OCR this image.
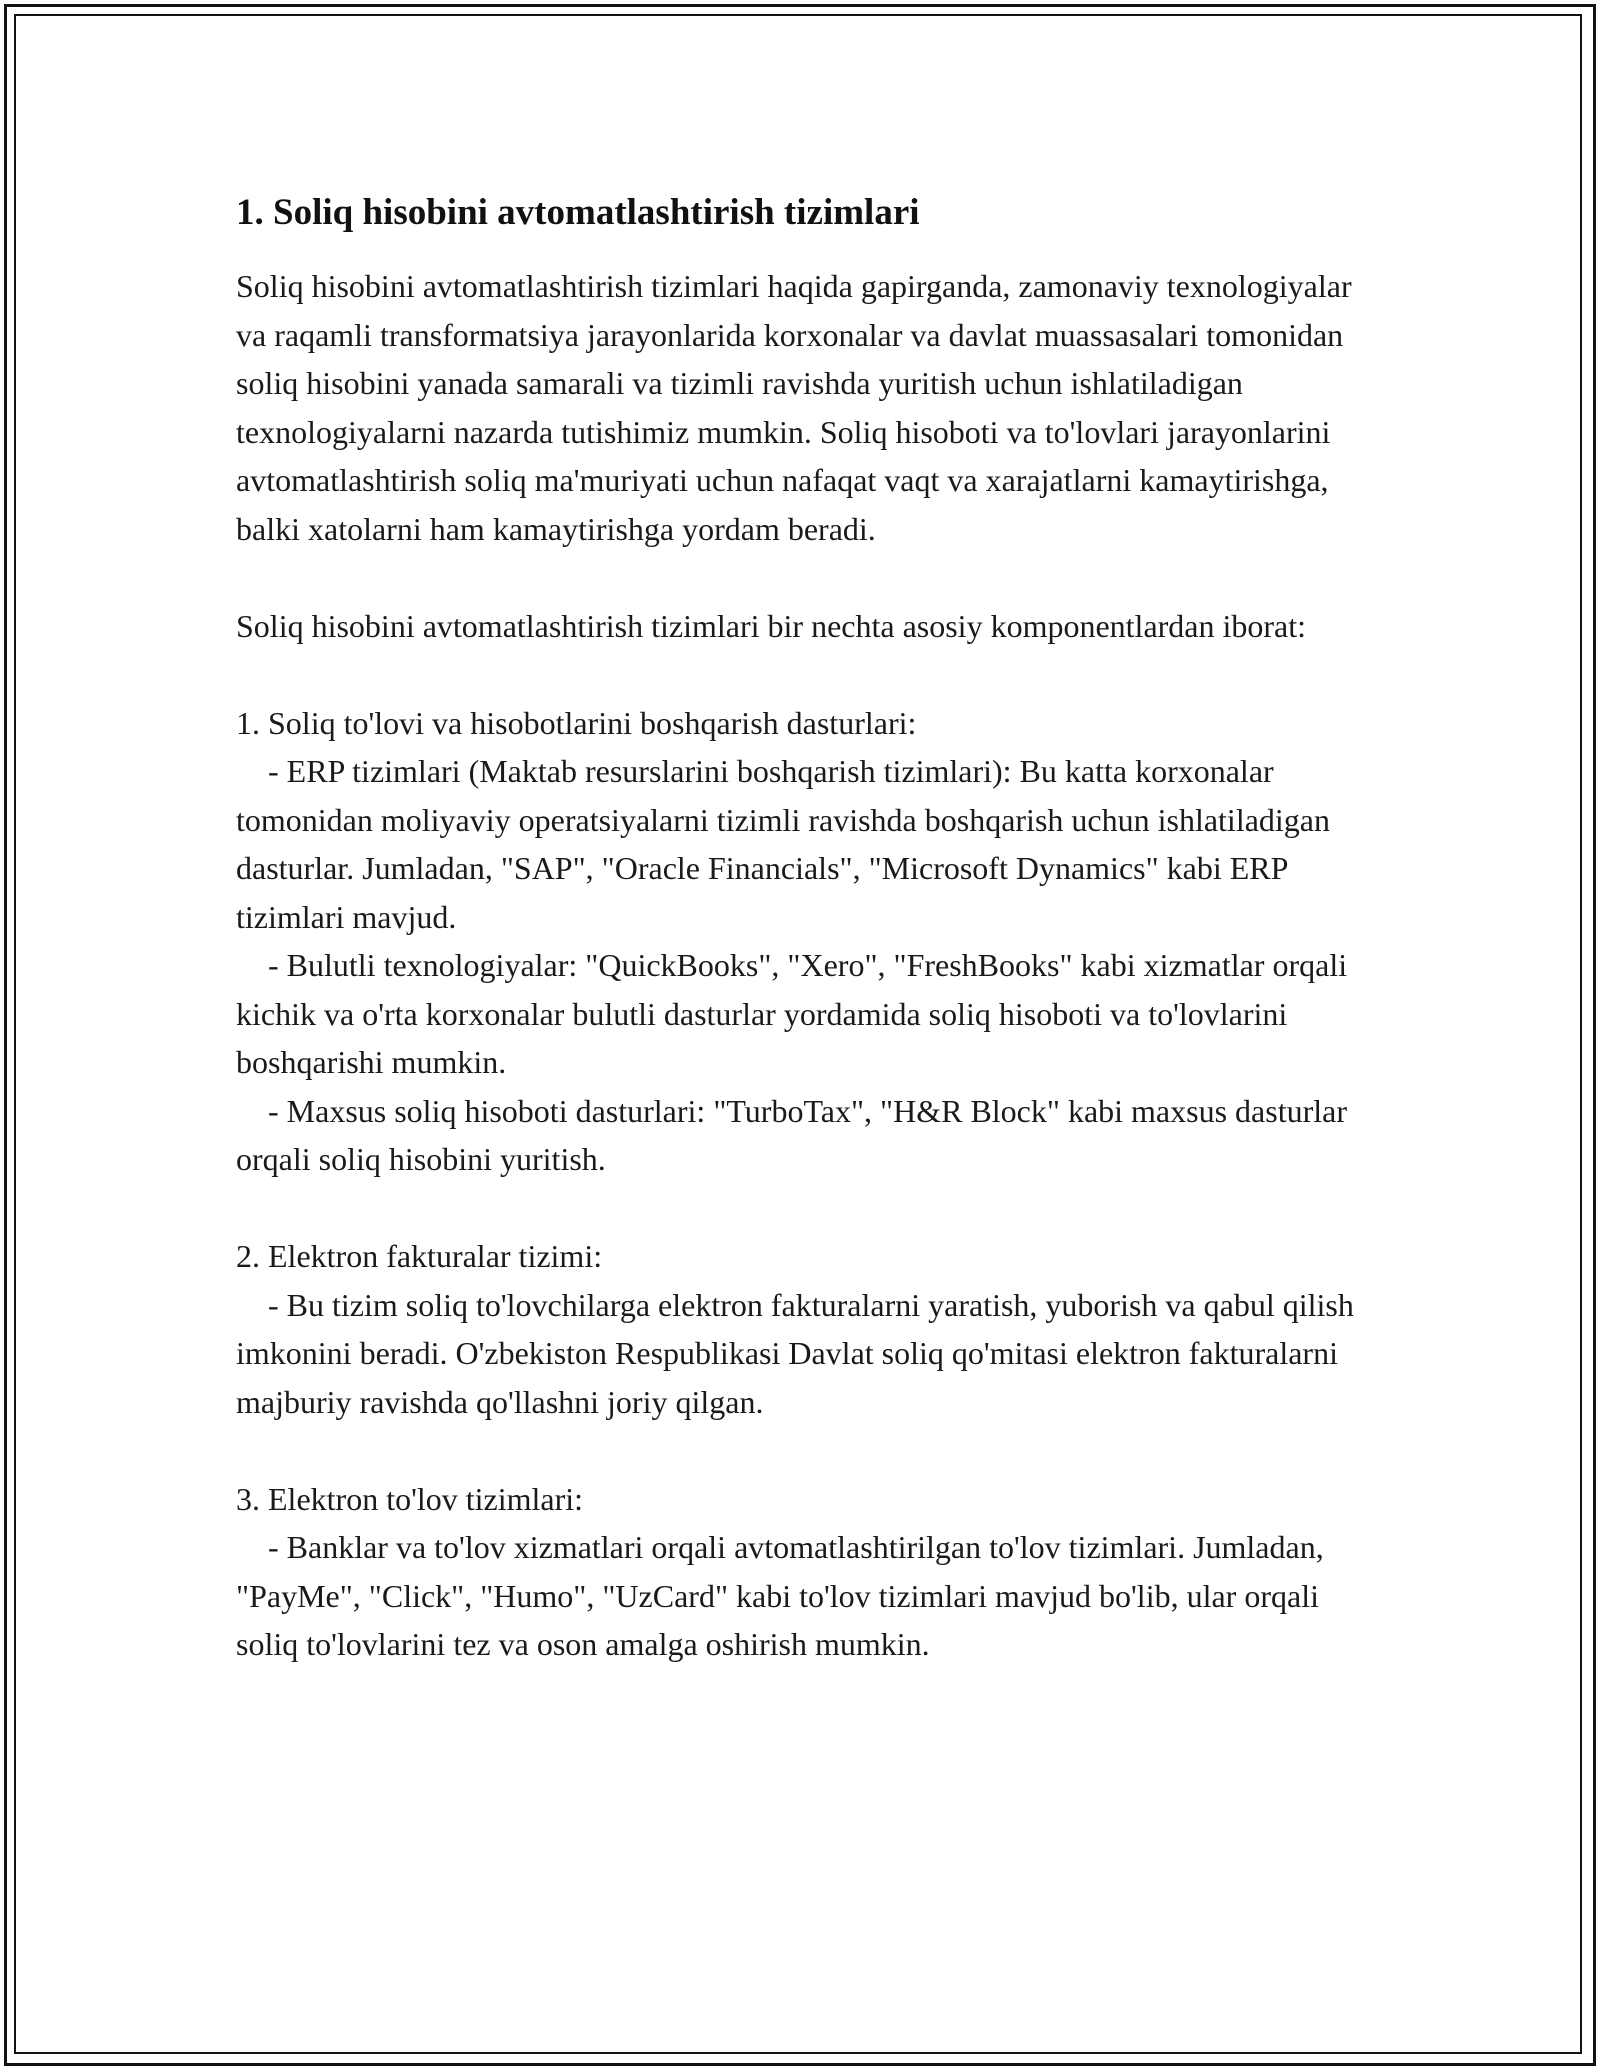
1. Soliq hisobini avtomatlashtirish tizimlari

Soliq hisobini avtomatlashtirish tizimlari haqida gapirganda, zamonaviy texnologiyalar va raqamli transformatsiya jarayonlarida korxonalar va davlat muassasalari tomonidan soliq hisobini yanada samarali va tizimli ravishda yuritish uchun ishlatiladigan texnologiyalarni nazarda tutishimiz mumkin. Soliq hisoboti va to'lovlari jarayonlarini avtomatlashtirish soliq ma'muriyati uchun nafaqat vaqt va xarajatlarni kamaytirishga, balki xatolarni ham kamaytirishga yordam beradi.

Soliq hisobini avtomatlashtirish tizimlari bir nechta asosiy komponentlardan iborat:

1. Soliq to'lovi va hisobotlarini boshqarish dasturlari:
- ERP tizimlari (Maktab resurslarini boshqarish tizimlari): Bu katta korxonalar tomonidan moliyaviy operatsiyalarni tizimli ravishda boshqarish uchun ishlatiladigan dasturlar. Jumladan, "SAP", "Oracle Financials", "Microsoft Dynamics" kabi ERP tizimlari mavjud.
- Bulutli texnologiyalar: "QuickBooks", "Xero", "FreshBooks" kabi xizmatlar orqali kichik va o'rta korxonalar bulutli dasturlar yordamida soliq hisoboti va to'lovlarini boshqarishi mumkin.
- Maxsus soliq hisoboti dasturlari: "TurboTax", "H&R Block" kabi maxsus dasturlar orqali soliq hisobini yuritish.

2. Elektron fakturalar tizimi:
- Bu tizim soliq to'lovchilarga elektron fakturalarni yaratish, yuborish va qabul qilish imkonini beradi. O'zbekiston Respublikasi Davlat soliq qo'mitasi elektron fakturalarni majburiy ravishda qo'llashni joriy qilgan.

3. Elektron to'lov tizimlari:
- Banklar va to'lov xizmatlari orqali avtomatlashtirilgan to'lov tizimlari. Jumladan, "PayMe", "Click", "Humo", "UzCard" kabi to'lov tizimlari mavjud bo'lib, ular orqali soliq to'lovlarini tez va oson amalga oshirish mumkin.
